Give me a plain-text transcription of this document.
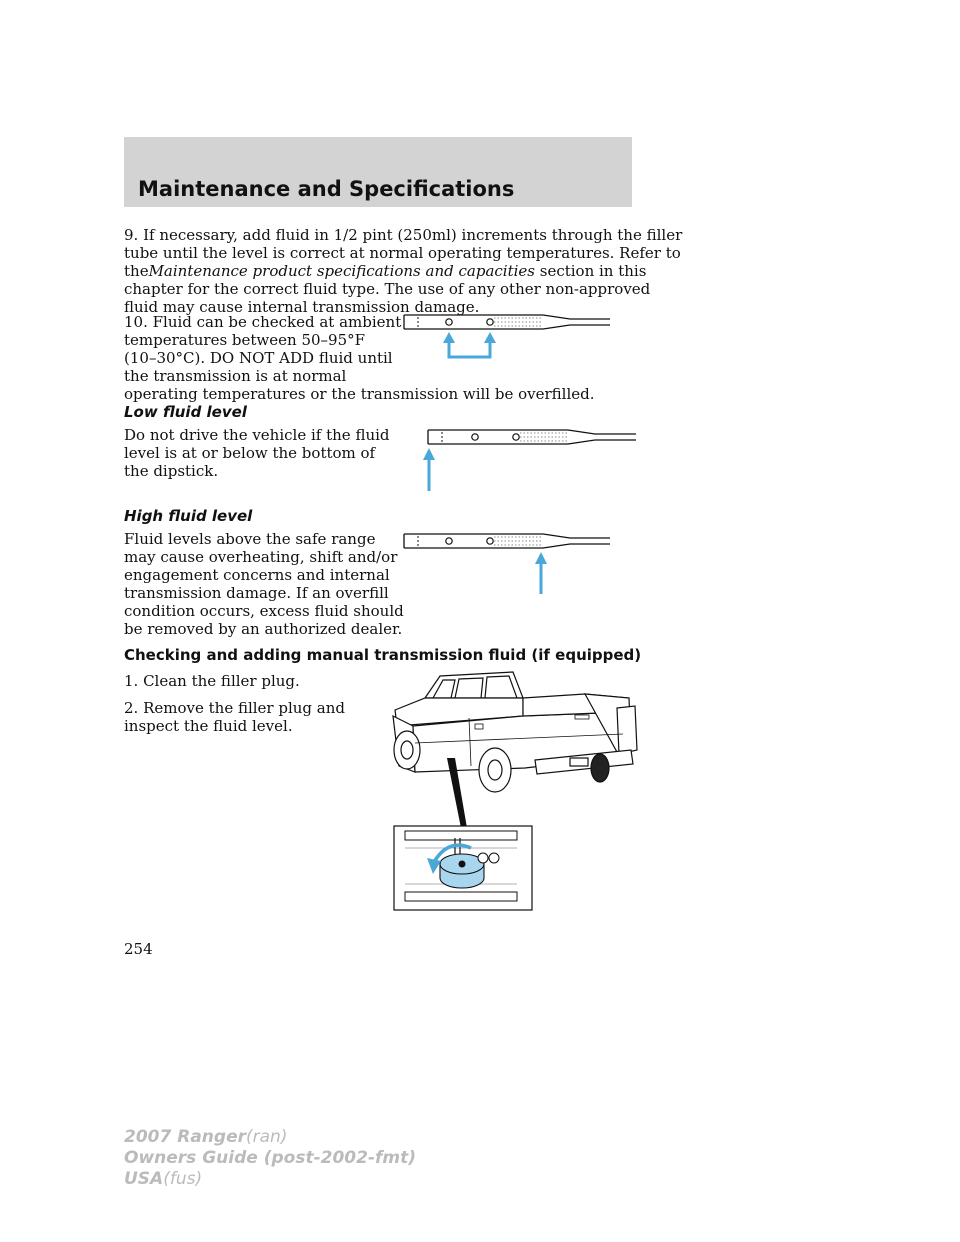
Maintenance and Specifications
9. If necessary, add fluid in 1/2 pint (250ml) increments through the filler
tube until the level is correct at normal operating temperatures. Refer to
theMaintenance product specifications and capacities section in this
chapter for the correct fluid type. The use of any other non-approved
fluid may cause internal transmission damage.
10. Fluid can be checked at ambient
temperatures between 50–95°F
(10–30°C). DO NOT ADD fluid until
the transmission is at normal
operating temperatures or the transmission will be overfilled.
Low fluid level
Do not drive the vehicle if the fluid
level is at or below the bottom of
the dipstick.
High fluid level
Fluid levels above the safe range
may cause overheating, shift and/or
engagement concerns and internal
transmission damage. If an overfill
condition occurs, excess fluid should
be removed by an authorized dealer.
Checking and adding manual transmission fluid (if equipped)
1. Clean the filler plug.
2. Remove the filler plug and
inspect the fluid level.
254
2007 Ranger(ran)
Owners Guide (post-2002-fmt)
USA(fus)
